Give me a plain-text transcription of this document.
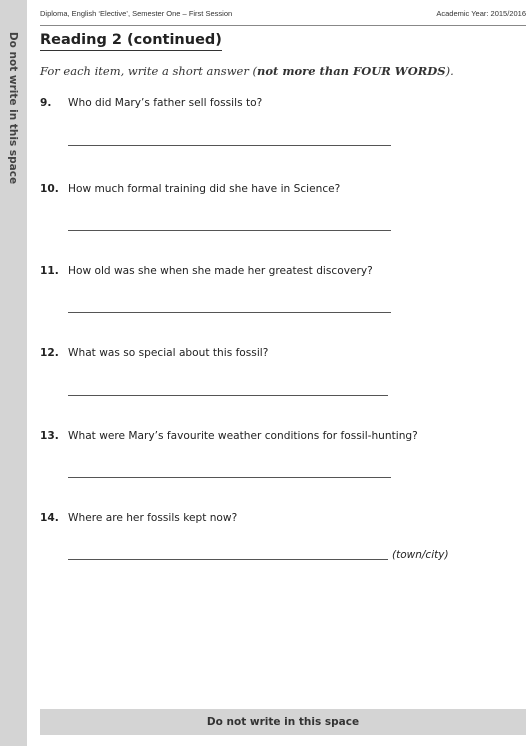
Do not write in this space
Diploma, English ‘Elective’, Semester One – First Session	Academic Year: 2015/2016
Reading 2 (continued)
For each item, write a short answer (not more than FOUR WORDS).
9. Who did Mary’s father sell fossils to?
10. How much formal training did she have in Science?
11. How old was she when she made her greatest discovery?
12. What was so special about this fossil?
13. What were Mary’s favourite weather conditions for fossil-hunting?
14. Where are her fossils kept now?
(town/city)
Do not write in this space
